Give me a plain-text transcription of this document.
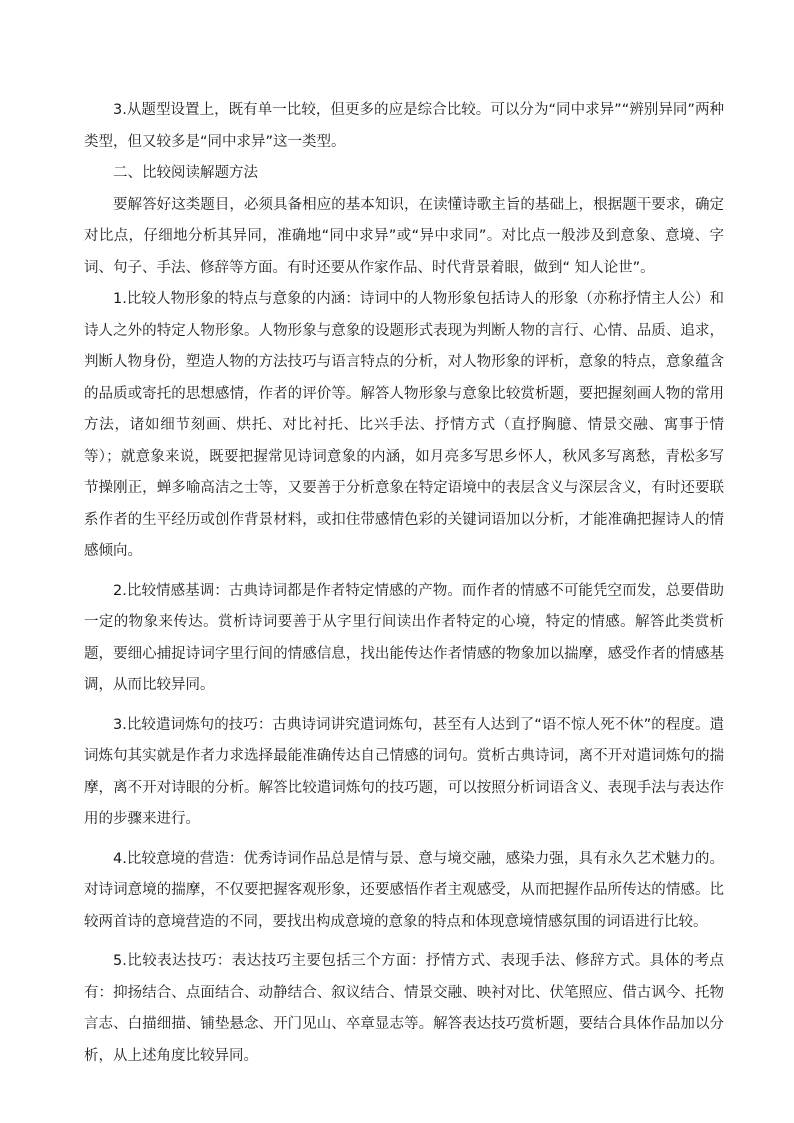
3.从题型设置上，既有单一比较，但更多的应是综合比较。可以分为“同中求异”“辨别异同”两种类型，但又较多是“同中求异”这一类型。

二、比较阅读解题方法

要解答好这类题目，必须具备相应的基本知识，在读懂诗歌主旨的基础上，根据题干要求，确定对比点，仔细地分析其异同，准确地“同中求异”或“异中求同”。对比点一般涉及到意象、意境、字词、句子、手法、修辞等方面。有时还要从作家作品、时代背景着眼，做到“ 知人论世”。

1.比较人物形象的特点与意象的内涵：诗词中的人物形象包括诗人的形象（亦称抒情主人公）和诗人之外的特定人物形象。人物形象与意象的设题形式表现为判断人物的言行、心情、品质、追求，判断人物身份，塑造人物的方法技巧与语言特点的分析，对人物形象的评析，意象的特点，意象蕴含的品质或寄托的思想感情，作者的评价等。解答人物形象与意象比较赏析题，要把握刻画人物的常用方法，诸如细节刻画、烘托、对比衬托、比兴手法、抒情方式（直抒胸臆、情景交融、寓事于情等）；就意象来说，既要把握常见诗词意象的内涵，如月亮多写思乡怀人，秋风多写离愁，青松多写节操刚正，蝉多喻高洁之士等，又要善于分析意象在特定语境中的表层含义与深层含义，有时还要联系作者的生平经历或创作背景材料，或扣住带感情色彩的关键词语加以分析，才能准确把握诗人的情感倾向。

2.比较情感基调：古典诗词都是作者特定情感的产物。而作者的情感不可能凭空而发，总要借助一定的物象来传达。赏析诗词要善于从字里行间读出作者特定的心境，特定的情感。解答此类赏析题，要细心捕捉诗词字里行间的情感信息，找出能传达作者情感的物象加以揣摩，感受作者的情感基调，从而比较异同。

3.比较遣词炼句的技巧：古典诗词讲究遣词炼句，甚至有人达到了“语不惊人死不休”的程度。遣词炼句其实就是作者力求选择最能准确传达自己情感的词句。赏析古典诗词，离不开对遣词炼句的揣摩，离不开对诗眼的分析。解答比较遣词炼句的技巧题，可以按照分析词语含义、表现手法与表达作用的步骤来进行。

4.比较意境的营造：优秀诗词作品总是情与景、意与境交融，感染力强，具有永久艺术魅力的。对诗词意境的揣摩，不仅要把握客观形象，还要感悟作者主观感受，从而把握作品所传达的情感。比较两首诗的意境营造的不同，要找出构成意境的意象的特点和体现意境情感氛围的词语进行比较。

5.比较表达技巧：表达技巧主要包括三个方面：抒情方式、表现手法、修辞方式。具体的考点有：抑扬结合、点面结合、动静结合、叙议结合、情景交融、映衬对比、伏笔照应、借古讽今、托物言志、白描细描、铺垫悬念、开门见山、卒章显志等。解答表达技巧赏析题，要结合具体作品加以分析，从上述角度比较异同。
